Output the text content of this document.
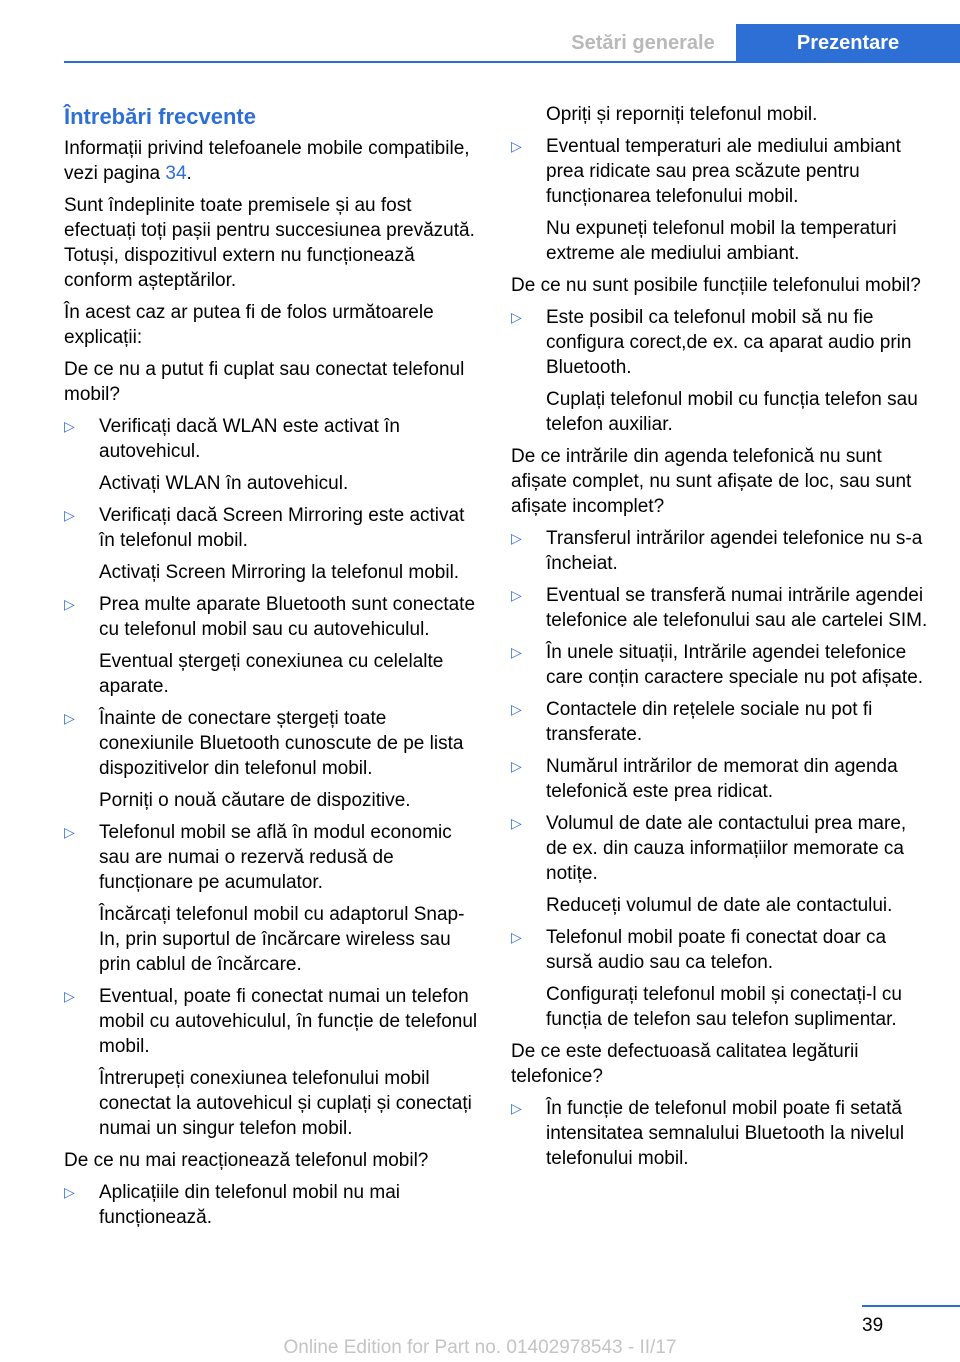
Setări generale	Prezentare
Întrebări frecvente

Informații privind telefoanele mobile compatibile, vezi pagina 34.

Sunt îndeplinite toate premisele și au fost efectuați toți pașii pentru succesiunea prevăzută. Totuși, dispozitivul extern nu funcționează conform așteptărilor.

În acest caz ar putea fi de folos următoarele explicații:

De ce nu a putut fi cuplat sau conectat telefonul mobil?

▷ Verificați dacă WLAN este activat în autovehicul.

Activați WLAN în autovehicul.

▷ Verificați dacă Screen Mirroring este activat în telefonul mobil.

Activați Screen Mirroring la telefonul mobil.

▷ Prea multe aparate Bluetooth sunt conectate cu telefonul mobil sau cu autovehiculul.

Eventual ștergeți conexiunea cu celelalte aparate.

▷ Înainte de conectare ștergeți toate conexiunile Bluetooth cunoscute de pe lista dispozitivelor din telefonul mobil.

Porniți o nouă căutare de dispozitive.

▷ Telefonul mobil se află în modul economic sau are numai o rezervă redusă de funcționare pe acumulator.

Încărcați telefonul mobil cu adaptorul Snap-In, prin suportul de încărcare wireless sau prin cablul de încărcare.

▷ Eventual, poate fi conectat numai un telefon mobil cu autovehiculul, în funcție de telefonul mobil.

Întrerupeți conexiunea telefonului mobil conectat la autovehicul și cuplați și conectați numai un singur telefon mobil.

De ce nu mai reacționează telefonul mobil?

▷ Aplicațiile din telefonul mobil nu mai funcționează.

Opriți și reporniți telefonul mobil.

▷ Eventual temperaturi ale mediului ambiant prea ridicate sau prea scăzute pentru funcționarea telefonului mobil.

Nu expuneți telefonul mobil la temperaturi extreme ale mediului ambiant.

De ce nu sunt posibile funcțiile telefonului mobil?

▷ Este posibil ca telefonul mobil să nu fie configura corect,de ex. ca aparat audio prin Bluetooth.

Cuplați telefonul mobil cu funcția telefon sau telefon auxiliar.

De ce intrările din agenda telefonică nu sunt afișate complet, nu sunt afișate de loc, sau sunt afișate incomplet?

▷ Transferul intrărilor agendei telefonice nu s-a încheiat.

▷ Eventual se transferă numai intrările agendei telefonice ale telefonului sau ale cartelei SIM.

▷ În unele situații, Intrările agendei telefonice care conțin caractere speciale nu pot afișate.

▷ Contactele din rețelele sociale nu pot fi transferate.

▷ Numărul intrărilor de memorat din agenda telefonică este prea ridicat.

▷ Volumul de date ale contactului prea mare, de ex. din cauza informațiilor memorate ca notițe.

Reduceți volumul de date ale contactului.

▷ Telefonul mobil poate fi conectat doar ca sursă audio sau ca telefon.

Configurați telefonul mobil și conectați-l cu funcția de telefon sau telefon suplimentar.

De ce este defectuoasă calitatea legăturii telefonice?

▷ În funcție de telefonul mobil poate fi setată intensitatea semnalului Bluetooth la nivelul telefonului mobil.

39
Online Edition for Part no. 01402978543 - II/17
